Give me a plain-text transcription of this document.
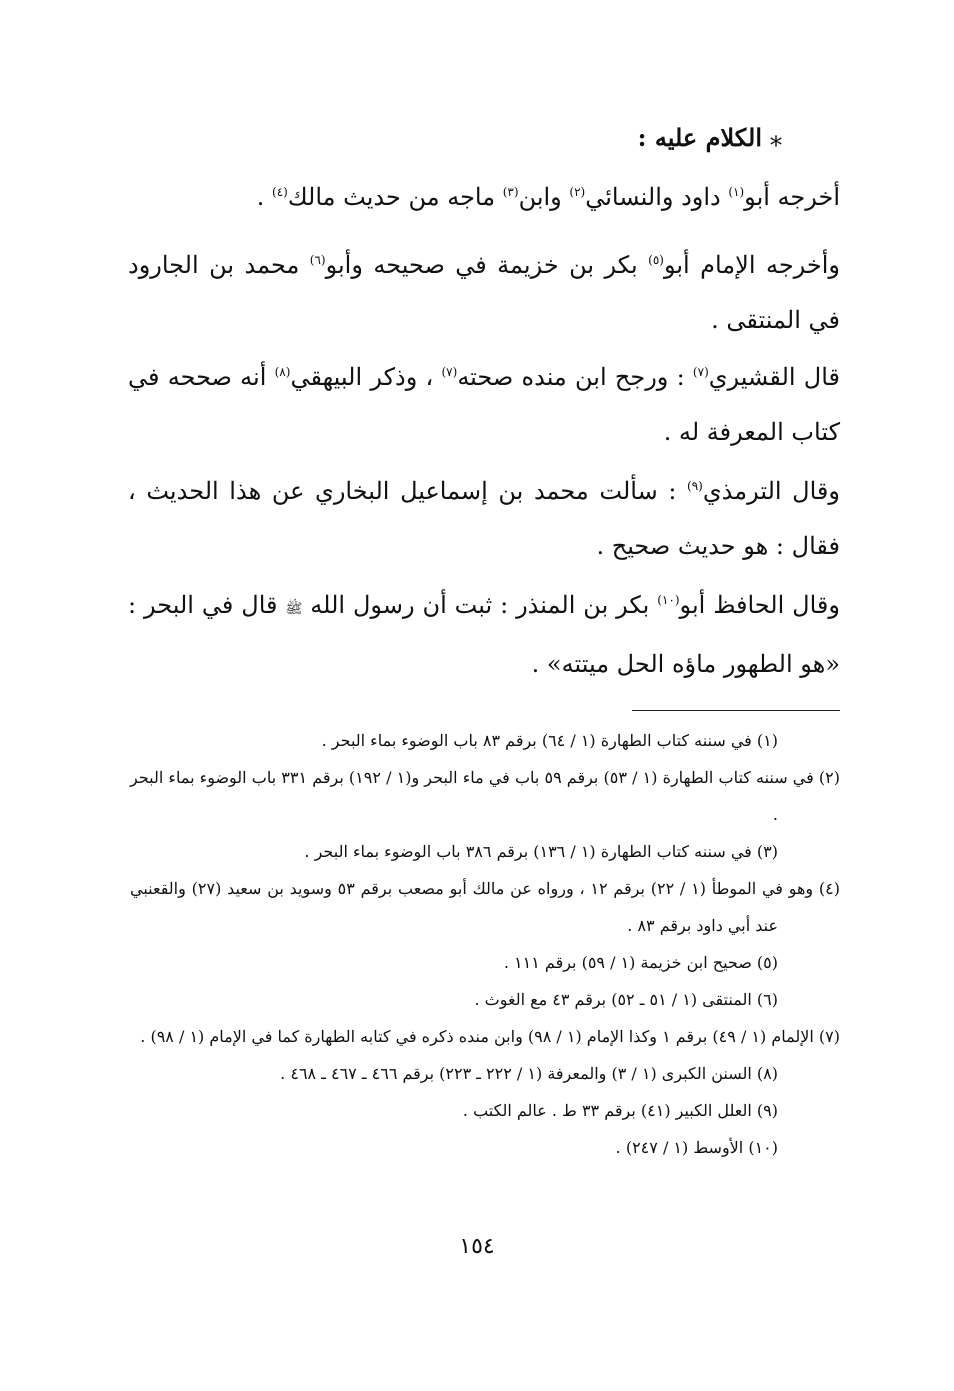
⁎الكلام عليه :

أخرجه أبو$^{(١)}$ داود والنسائي$^{(٢)}$ وابن$^{(٣)}$ ماجه من حديث مالك$^{(٤)}$ .

وأخرجه الإمام أبو$^{(٥)}$ بكر بن خزيمة في صحيحه وأبو$^{(٦)}$ محمد بن الجارود في المنتقى .

قال القشيري$^{(٧)}$ : ورجح ابن منده صحته$^{(٧)}$ ، وذكر البيهقي$^{(٨)}$ أنه صححه في كتاب المعرفة له .

وقال الترمذي$^{(٩)}$ : سألت محمد بن إسماعيل البخاري عن هذا الحديث ، فقال : هو حديث صحيح .

وقال الحافظ أبو$^{(١٠)}$ بكر بن المنذر : ثبت أن رسول الله ﷺ قال في البحر : «هو الطهور ماؤه الحل ميتته» .

(١) في سننه كتاب الطهارة (١ / ٦٤) برقم ٨٣ باب الوضوء بماء البحر .

(٢) في سننه كتاب الطهارة (١ / ٥٣) برقم ٥٩ باب في ماء البحر و(١ / ١٩٢) برقم ٣٣١ باب الوضوء بماء البحر .

(٣) في سننه كتاب الطهارة (١ / ١٣٦) برقم ٣٨٦ باب الوضوء بماء البحر .

(٤) وهو في الموطأ (١ / ٢٢) برقم ١٢ ، ورواه عن مالك أبو مصعب برقم ٥٣ وسويد بن سعيد (٢٧) والقعنبي عند أبي داود برقم ٨٣ .

(٥) صحيح ابن خزيمة (١ / ٥٩) برقم ١١١ .

(٦) المنتقى (١ / ٥١ ـ ٥٢) برقم ٤٣ مع الغوث .

(٧) الإلمام (١ / ٤٩) برقم ١ وكذا الإمام (١ / ٩٨) وابن منده ذكره في كتابه الطهارة كما في الإمام (١ / ٩٨) .

(٨) السنن الكبرى (١ / ٣) والمعرفة (١ / ٢٢٢ ـ ٢٢٣) برقم ٤٦٦ ـ ٤٦٧ ـ ٤٦٨ .

(٩) العلل الكبير (٤١) برقم ٣٣ ط . عالم الكتب .

(١٠) الأوسط (١ / ٢٤٧) .

١٥٤
